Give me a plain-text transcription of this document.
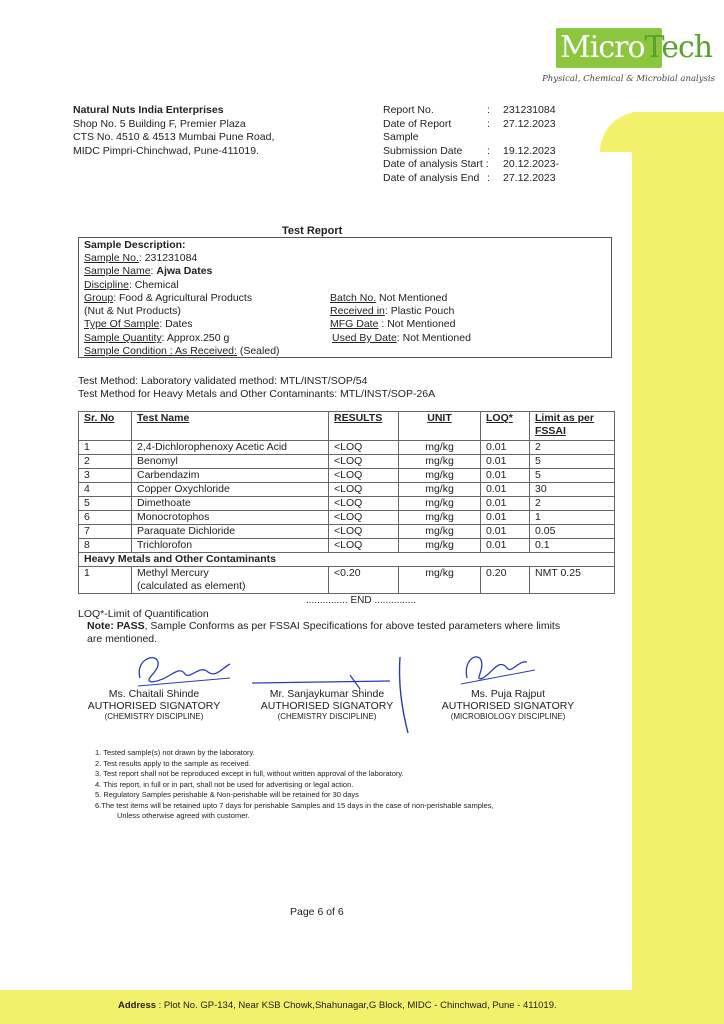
MicroTech
Physical, Chemical & Microbial analysis
Natural Nuts India Enterprises
Shop No. 5 Building F, Premier Plaza
CTS No. 4510 & 4513 Mumbai Pune Road,
MIDC Pimpri-Chinchwad, Pune-411019.
Report No.	:	231231084
Date of Report	:	27.12.2023
Sample
Submission Date	:	19.12.2023
Date of analysis Start :	20.12.2023-
Date of analysis End :	27.12.2023
Test Report
Sample Description:
Sample No.: 231231084
Sample Name: Ajwa Dates
Discipline: Chemical
Group: Food & Agricultural Products
(Nut & Nut Products)
Type Of Sample: Dates
Sample Quantity: Approx.250 g
Sample Condition : As Received: (Sealed)
Batch No. Not Mentioned
Received in: Plastic Pouch
MFG Date : Not Mentioned
Used By Date: Not Mentioned
Test Method: Laboratory validated method: MTL/INST/SOP/54
Test Method for Heavy Metals and Other Contaminants: MTL/INST/SOP-26A
Sr. No	Test Name	RESULTS	UNIT	LOQ*	Limit as per FSSAI
1	2,4-Dichlorophenoxy Acetic Acid	<LOQ	mg/kg	0.01	2
2	Benomyl	<LOQ	mg/kg	0.01	5
3	Carbendazim	<LOQ	mg/kg	0.01	5
4	Copper Oxychloride	<LOQ	mg/kg	0.01	30
5	Dimethoate	<LOQ	mg/kg	0.01	2
6	Monocrotophos	<LOQ	mg/kg	0.01	1
7	Paraquate Dichloride	<LOQ	mg/kg	0.01	0.05
8	Trichlorofon	<LOQ	mg/kg	0.01	0.1
Heavy Metals and Other Contaminants					
1	Methyl Mercury
(calculated as element)	<0.20	mg/kg	0.20	NMT 0.25
............... END ...............
LOQ*-Limit of Quantification
Note: PASS, Sample Conforms as per FSSAI Specifications for above tested parameters where limits are mentioned.
Ms. Chaitali Shinde
AUTHORISED SIGNATORY
(CHEMISTRY DISCIPLINE)
Mr. Sanjaykumar Shinde
AUTHORISED SIGNATORY
(CHEMISTRY DISCIPLINE)
Ms. Puja Rajput
AUTHORISED SIGNATORY
(MICROBIOLOGY DISCIPLINE)
1. Tested sample(s) not drawn by the laboratory.
2. Test results apply to the sample as received.
3. Test report shall not be reproduced except in full, without written approval of the laboratory.
4. This report, in full or in part, shall not be used for advertising or legal action.
5. Regulatory Samples perishable & Non-perishable will be retained for 30 days
6.The test items will be retained upto 7 days for perishable Samples and 15 days in the case of non-perishable samples,
Unless otherwise agreed with customer.
Page 6 of 6
Address : Plot No. GP-134, Near KSB Chowk,Shahunagar,G Block, MIDC - Chinchwad, Pune - 411019.
